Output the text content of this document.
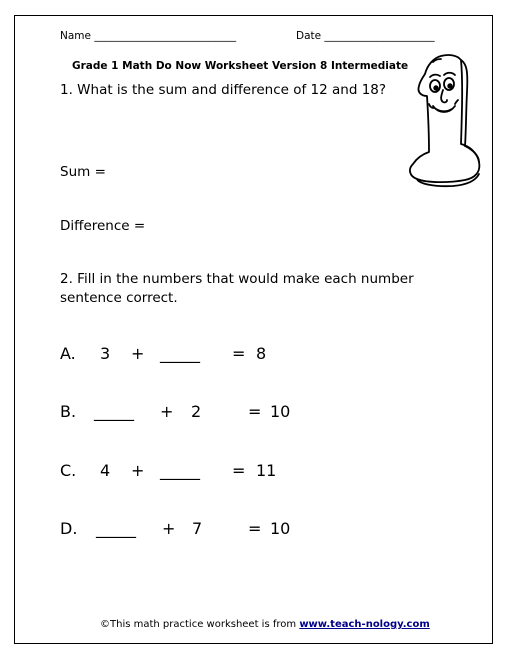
Name ___________________________	Date _____________________
Grade 1 Math Do Now Worksheet Version 8 Intermediate
1. What is the sum and difference of 12 and 18?
Sum =
Difference =
2. Fill in the numbers that would make each number
sentence correct.
A. 3 + _____ = 8
B. _____ + 2	= 10
C. 4 + _____ = 11
D. _____ + 7	= 10
©This math practice worksheet is from www.teach-nology.com
